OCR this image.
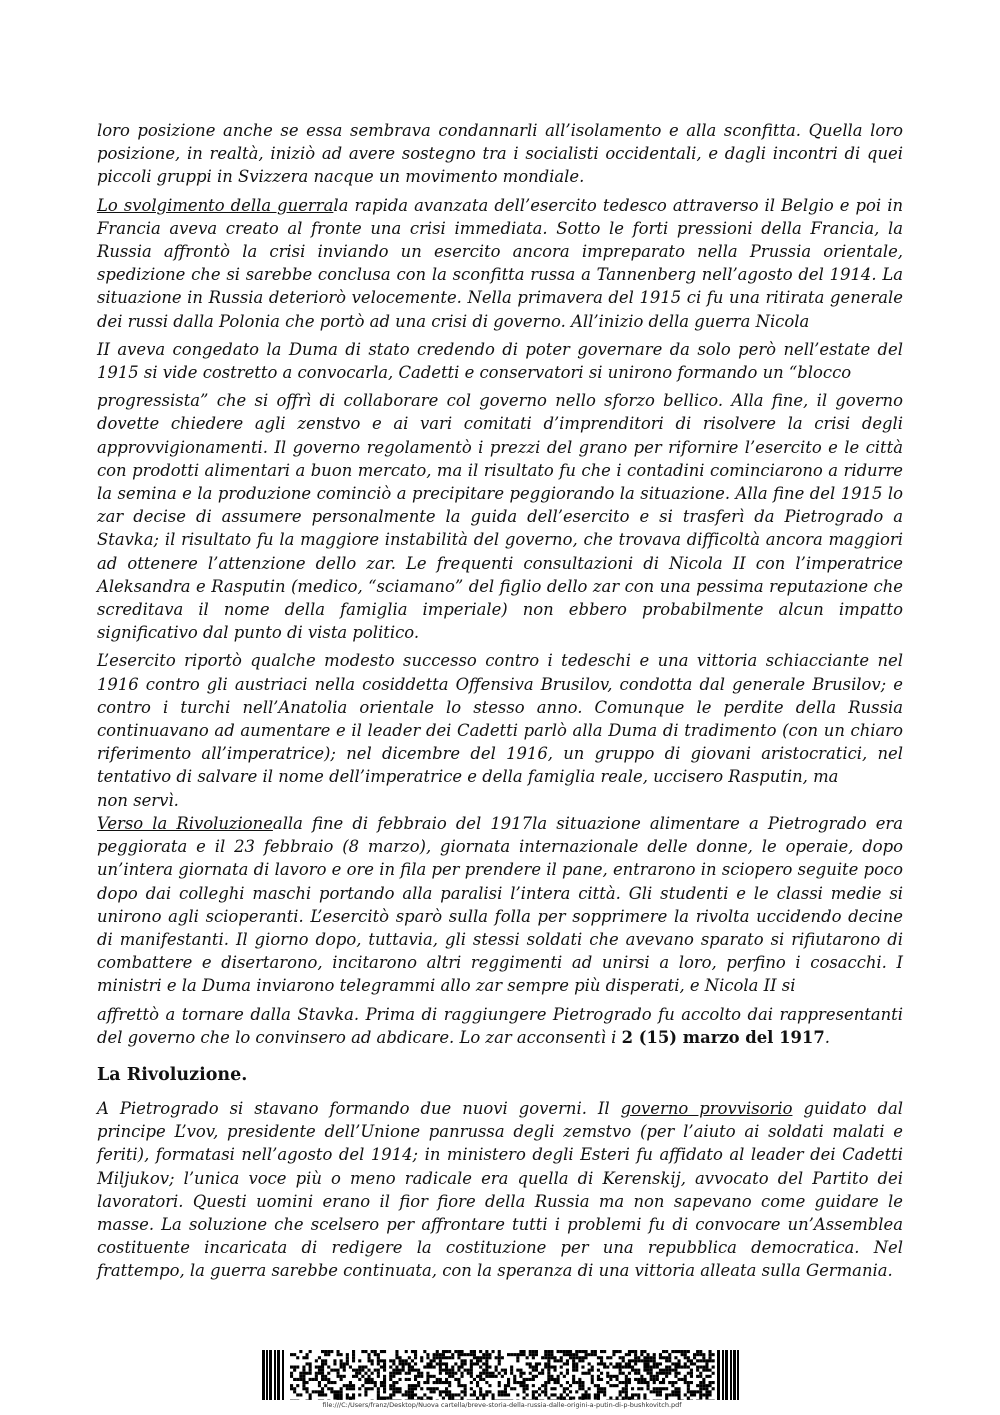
loro posizione anche se essa sembrava condannarli all’isolamento e alla sconfitta. Quella loro posizione, in realtà, iniziò ad avere sostegno tra i socialisti occidentali, e dagli incontri di quei piccoli gruppi in Svizzera nacque un movimento mondiale.

Lo svolgimento della guerrala rapida avanzata dell’esercito tedesco attraverso il Belgio e poi in Francia aveva creato al fronte una crisi immediata. Sotto le forti pressioni della Francia, la Russia affrontò la crisi inviando un esercito ancora impreparato nella Prussia orientale, spedizione che si sarebbe conclusa con la sconfitta russa a Tannenberg nell’agosto del 1914. La situazione in Russia deteriorò velocemente. Nella primavera del 1915 ci fu una ritirata generale dei russi dalla Polonia che portò ad una crisi di governo. All’inizio della guerra Nicola

II aveva congedato la Duma di stato credendo di poter governare da solo però nell’estate del 1915 si vide costretto a convocarla, Cadetti e conservatori si unirono formando un “blocco

progressista” che si offrì di collaborare col governo nello sforzo bellico. Alla fine, il governo dovette chiedere agli zenstvo e ai vari comitati d’imprenditori di risolvere la crisi degli approvvigionamenti. Il governo regolamentò i prezzi del grano per rifornire l’esercito e le città con prodotti alimentari a buon mercato, ma il risultato fu che i contadini cominciarono a ridurre la semina e la produzione cominciò a precipitare peggiorando la situazione. Alla fine del 1915 lo zar decise di assumere personalmente la guida dell’esercito e si trasferì da Pietrogrado a Stavka; il risultato fu la maggiore instabilità del governo, che trovava difficoltà ancora maggiori ad ottenere l’attenzione dello zar. Le frequenti consultazioni di Nicola II con l’imperatrice Aleksandra e Rasputin (medico, “sciamano” del figlio dello zar con una pessima reputazione che screditava il nome della famiglia imperiale) non ebbero probabilmente alcun impatto significativo dal punto di vista politico.

L’esercito riportò qualche modesto successo contro i tedeschi e una vittoria schiacciante nel 1916 contro gli austriaci nella cosiddetta Offensiva Brusilov, condotta dal generale Brusilov; e contro i turchi nell’Anatolia orientale lo stesso anno. Comunque le perdite della Russia continuavano ad aumentare e il leader dei Cadetti parlò alla Duma di tradimento (con un chiaro riferimento all’imperatrice); nel dicembre del 1916, un gruppo di giovani aristocratici, nel tentativo di salvare il nome dell’imperatrice e della famiglia reale, uccisero Rasputin, ma

non servì.

Verso la Rivoluzionealla fine di febbraio del 1917la situazione alimentare a Pietrogrado era peggiorata e il 23 febbraio (8 marzo), giornata internazionale delle donne, le operaie, dopo un’intera giornata di lavoro e ore in fila per prendere il pane, entrarono in sciopero seguite poco dopo dai colleghi maschi portando alla paralisi l’intera città. Gli studenti e le classi medie si unirono agli scioperanti. L’esercitò sparò sulla folla per sopprimere la rivolta uccidendo decine di manifestanti. Il giorno dopo, tuttavia, gli stessi soldati che avevano sparato si rifiutarono di combattere e disertarono, incitarono altri reggimenti ad unirsi a loro, perfino i cosacchi. I ministri e la Duma inviarono telegrammi allo zar sempre più disperati, e Nicola II si

affrettò a tornare dalla Stavka. Prima di raggiungere Pietrogrado fu accolto dai rappresentanti del governo che lo convinsero ad abdicare. Lo zar acconsentì i 2 (15) marzo del 1917.

La Rivoluzione.

A Pietrogrado si stavano formando due nuovi governi. Il governo provvisorio guidato dal principe L’vov, presidente dell’Unione panrussa degli zemstvo (per l’aiuto ai soldati malati e feriti), formatasi nell’agosto del 1914; in ministero degli Esteri fu affidato al leader dei Cadetti Miljukov; l’unica voce più o meno radicale era quella di Kerenskij, avvocato del Partito dei lavoratori. Questi uomini erano il fior fiore della Russia ma non sapevano come guidare le masse. La soluzione che scelsero per affrontare tutti i problemi fu di convocare un’Assemblea costituente incaricata di redigere la costituzione per una repubblica democratica. Nel frattempo, la guerra sarebbe continuata, con la speranza di una vittoria alleata sulla Germania.

file:///C:/Users/franz/Desktop/Nuova cartella/breve-storia-della-russia-dalle-origini-a-putin-di-p-bushkovitch.pdf
